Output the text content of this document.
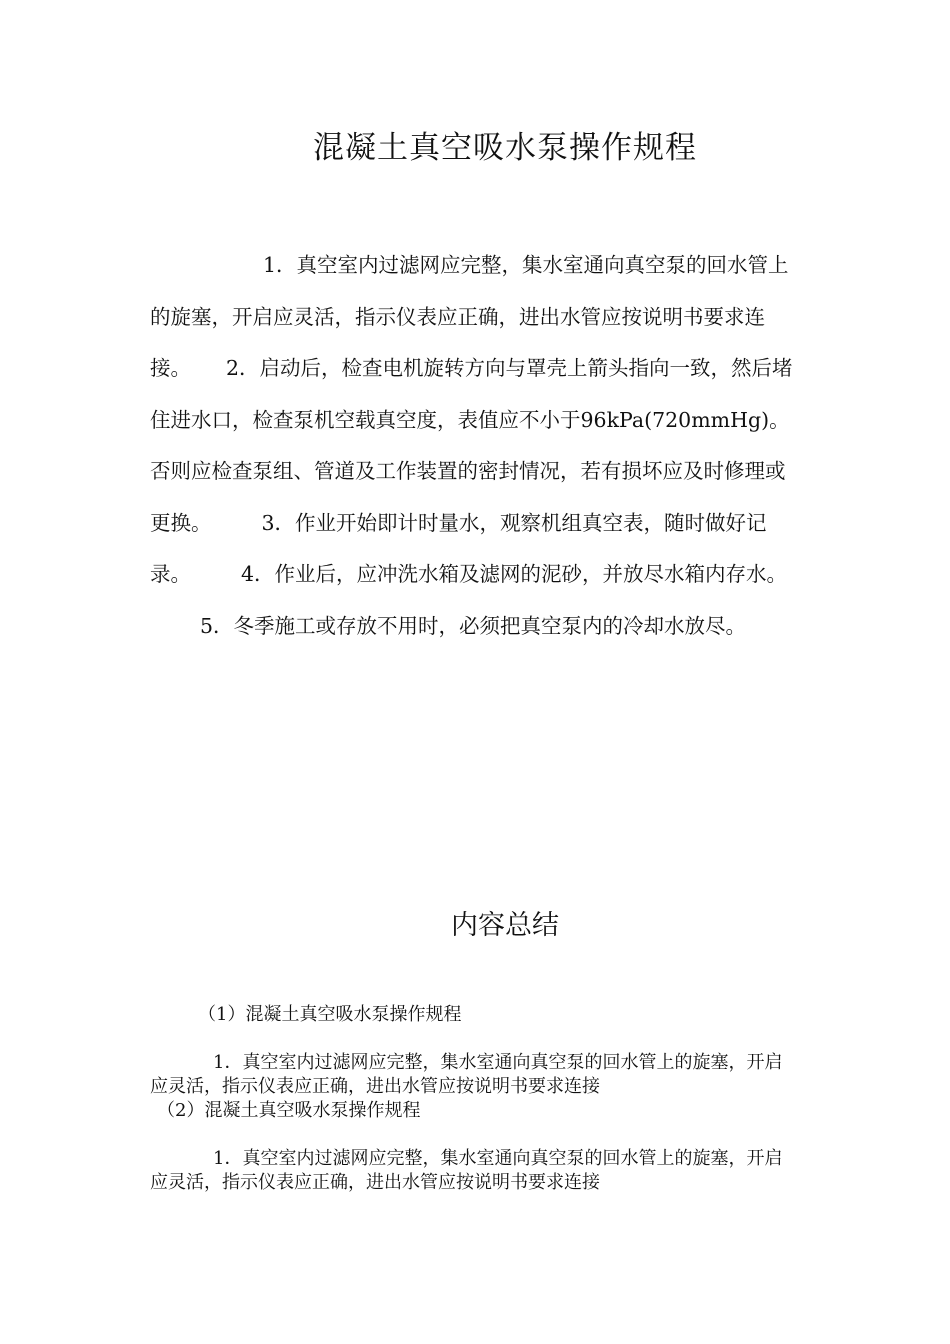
混凝土真空吸水泵操作规程

1．真空室内过滤网应完整，集水室通向真空泵的回水管上的旋塞，开启应灵活，指示仪表应正确，进出水管应按说明书要求连接。 2．启动后，检查电机旋转方向与罩壳上箭头指向一致，然后堵住进水口，检查泵机空载真空度，表值应不小于96kPa(720mmHg)。否则应检查泵组、管道及工作装置的密封情况，若有损坏应及时修理或更换。 3．作业开始即计时量水，观察机组真空表，随时做好记录。 4．作业后，应冲洗水箱及滤网的泥砂，并放尽水箱内存水。5．冬季施工或存放不用时，必须把真空泵内的冷却水放尽。

内容总结

（1）混凝土真空吸水泵操作规程

1．真空室内过滤网应完整，集水室通向真空泵的回水管上的旋塞，开启应灵活，指示仪表应正确，进出水管应按说明书要求连接

（2）混凝土真空吸水泵操作规程

1．真空室内过滤网应完整，集水室通向真空泵的回水管上的旋塞，开启应灵活，指示仪表应正确，进出水管应按说明书要求连接
